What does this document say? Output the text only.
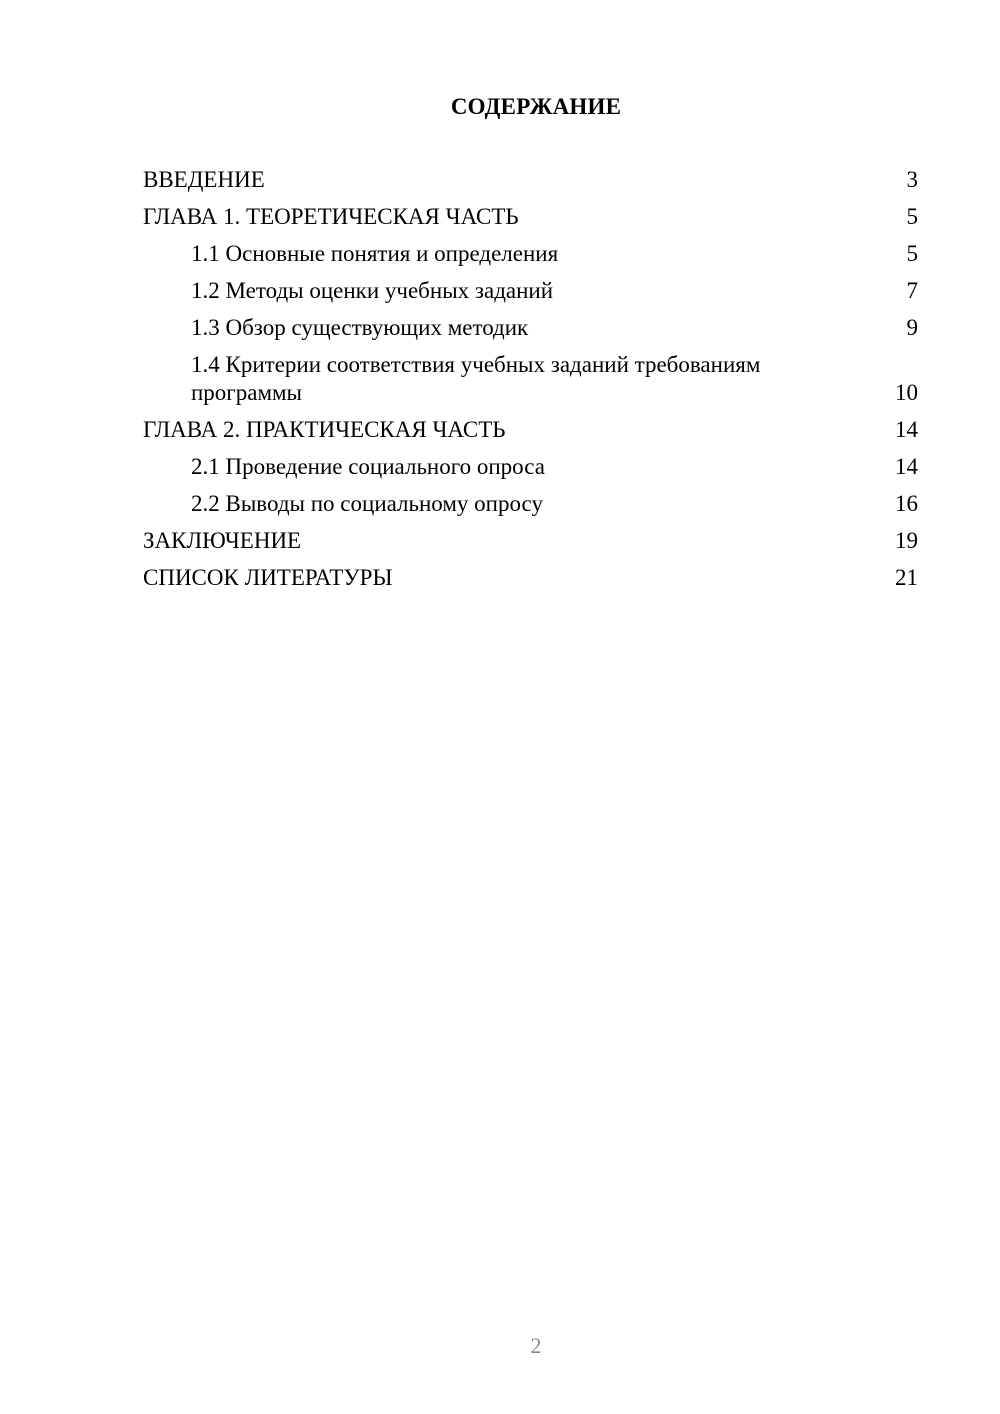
СОДЕРЖАНИЕ
ВВЕДЕНИЕ	3
ГЛАВА 1. ТЕОРЕТИЧЕСКАЯ ЧАСТЬ	5
1.1 Основные понятия и определения	5
1.2 Методы оценки учебных заданий	7
1.3 Обзор существующих методик	9
1.4 Критерии соответствия учебных заданий требованиям программы	10
ГЛАВА 2. ПРАКТИЧЕСКАЯ ЧАСТЬ	14
2.1 Проведение социального опроса	14
2.2 Выводы по социальному опросу	16
ЗАКЛЮЧЕНИЕ	19
СПИСОК ЛИТЕРАТУРЫ	21
2
